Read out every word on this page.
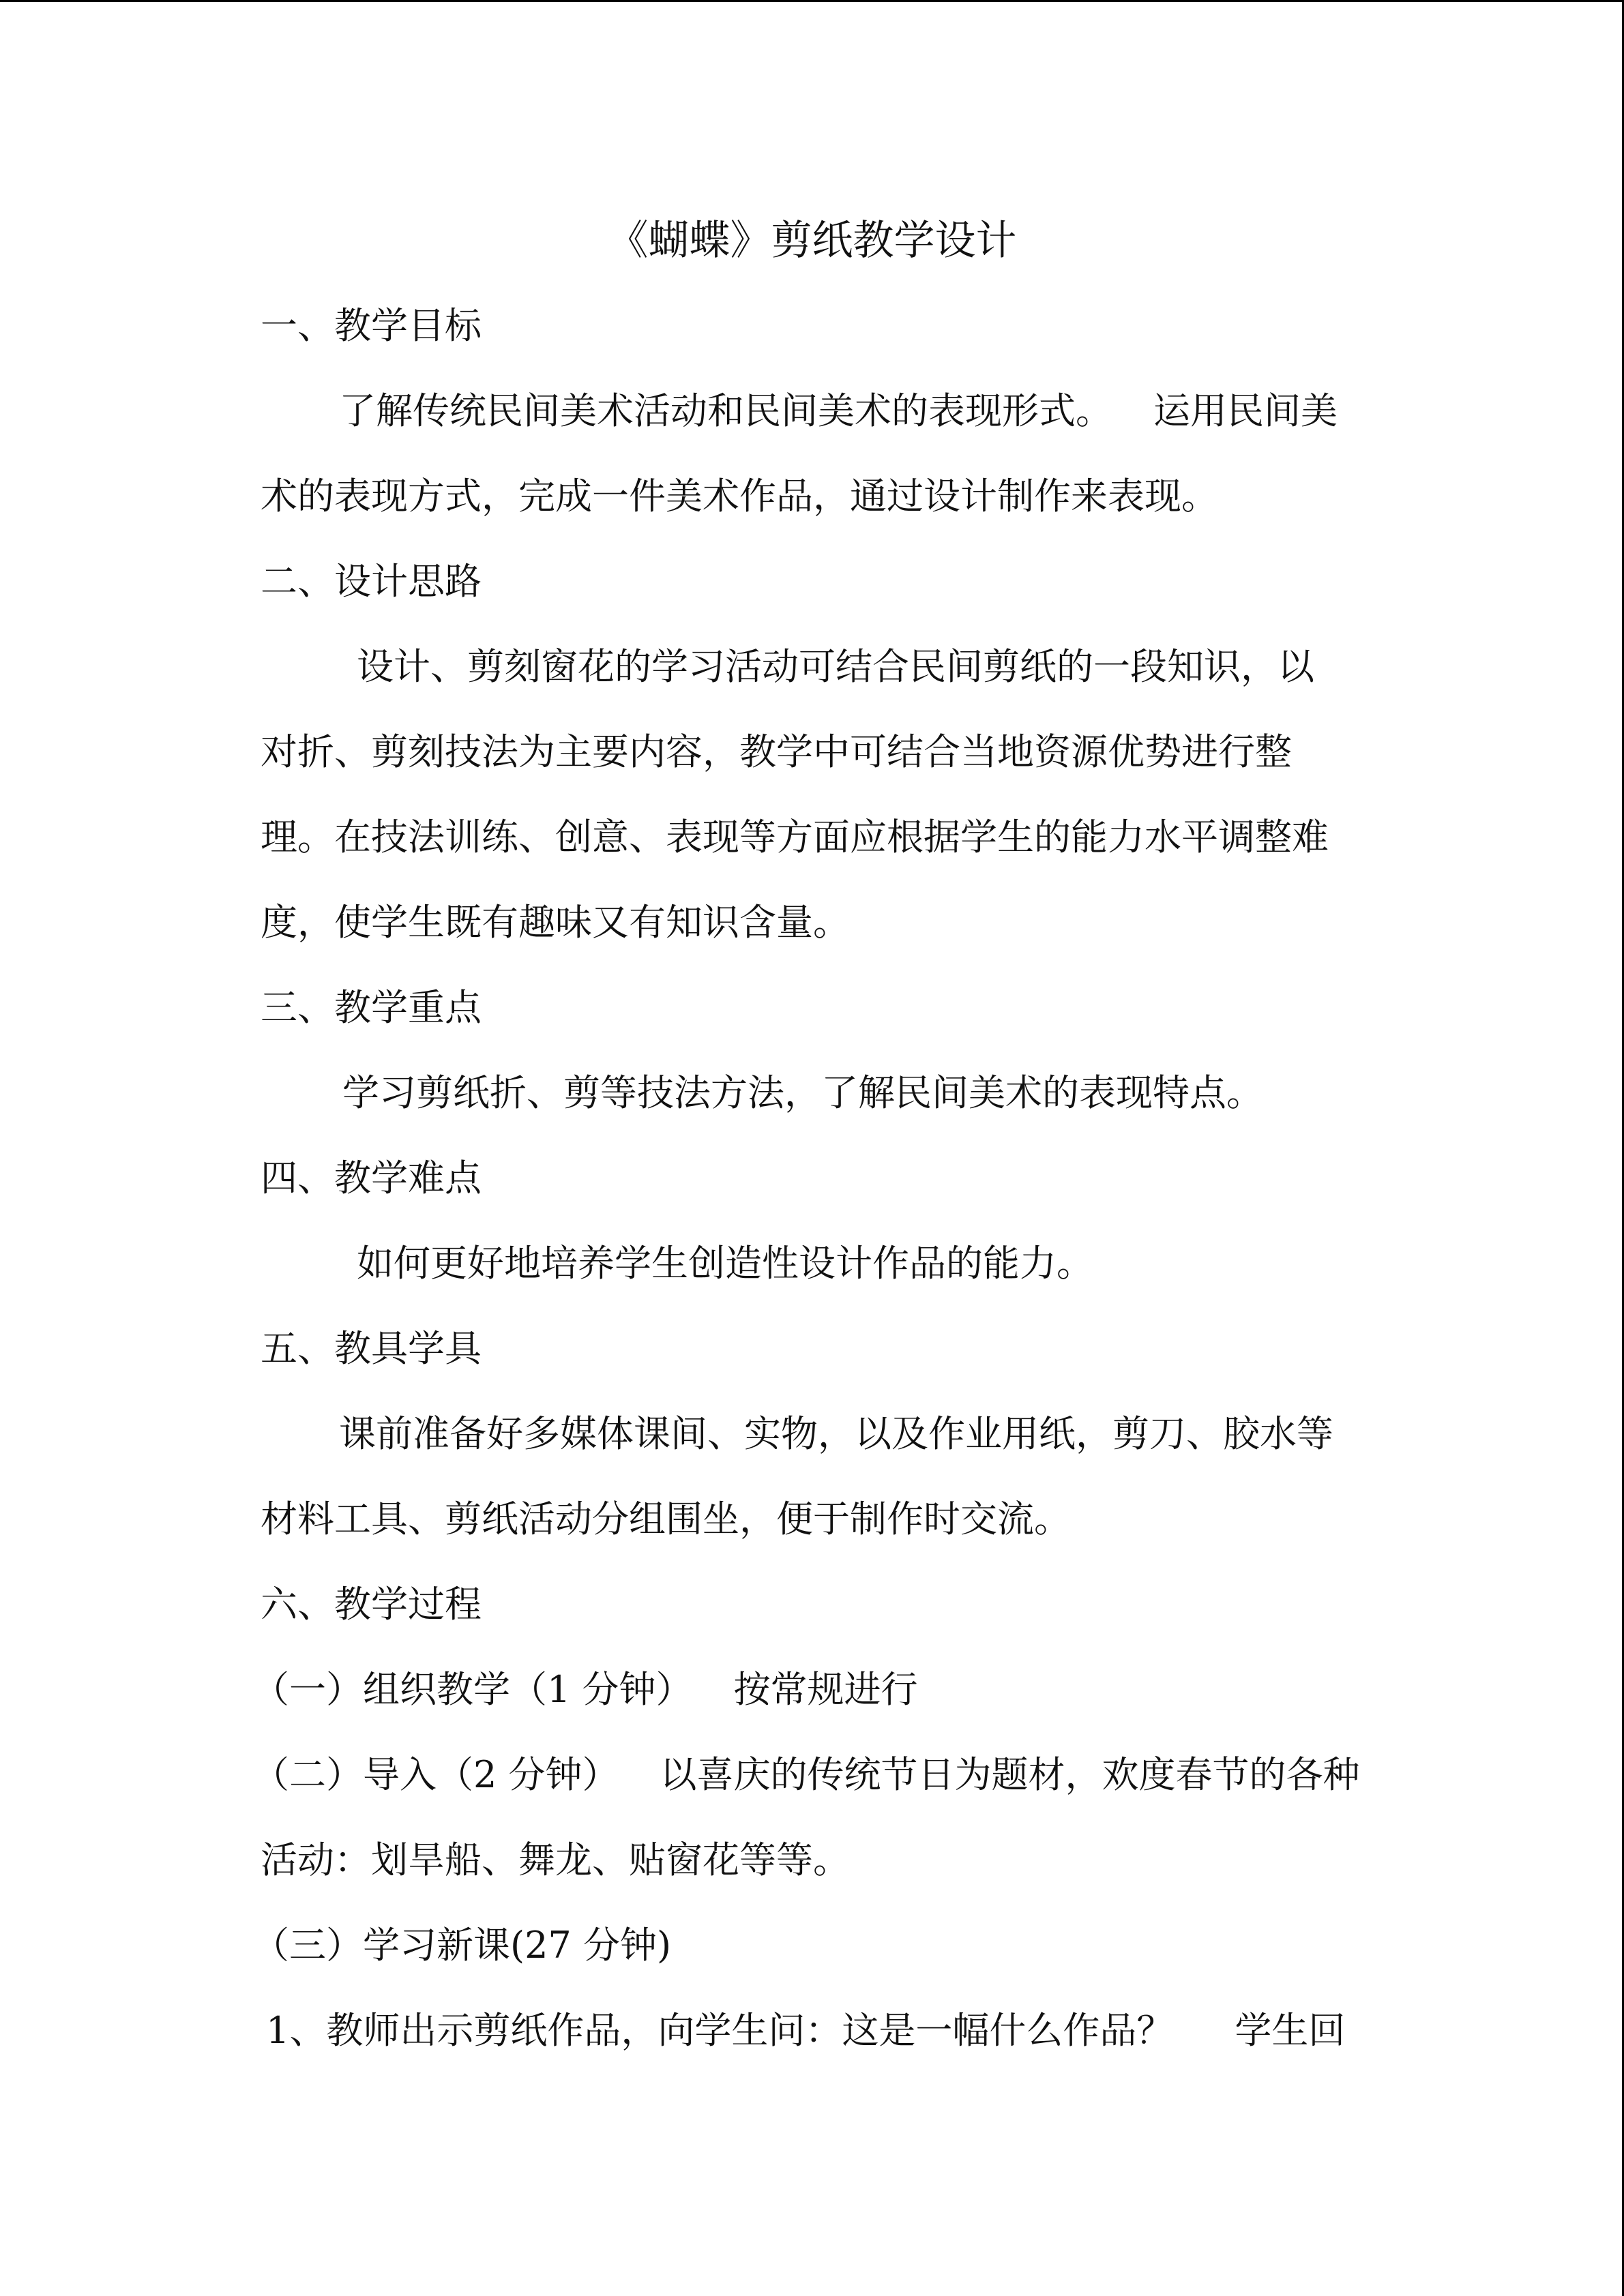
《蝴蝶》剪纸教学设计

一、教学目标

了解传统民间美术活动和民间美术的表现形式。 运用民间美

术的表现方式，完成一件美术作品，通过设计制作来表现。

二、设计思路

设计、剪刻窗花的学习活动可结合民间剪纸的一段知识，以

对折、剪刻技法为主要内容，教学中可结合当地资源优势进行整

理。在技法训练、创意、表现等方面应根据学生的能力水平调整难

度，使学生既有趣味又有知识含量。

三、教学重点

学习剪纸折、剪等技法方法，了解民间美术的表现特点。

四、教学难点

如何更好地培养学生创造性设计作品的能力。

五、教具学具

课前准备好多媒体课间、实物，以及作业用纸，剪刀、胶水等

材料工具、剪纸活动分组围坐，便于制作时交流。

六、教学过程

（一）组织教学（1 分钟） 按常规进行

（二）导入（2 分钟） 以喜庆的传统节日为题材，欢度春节的各种

活动：划旱船、舞龙、贴窗花等等。

（三）学习新课(27 分钟)

1、教师出示剪纸作品，向学生问：这是一幅什么作品？ 学生回
